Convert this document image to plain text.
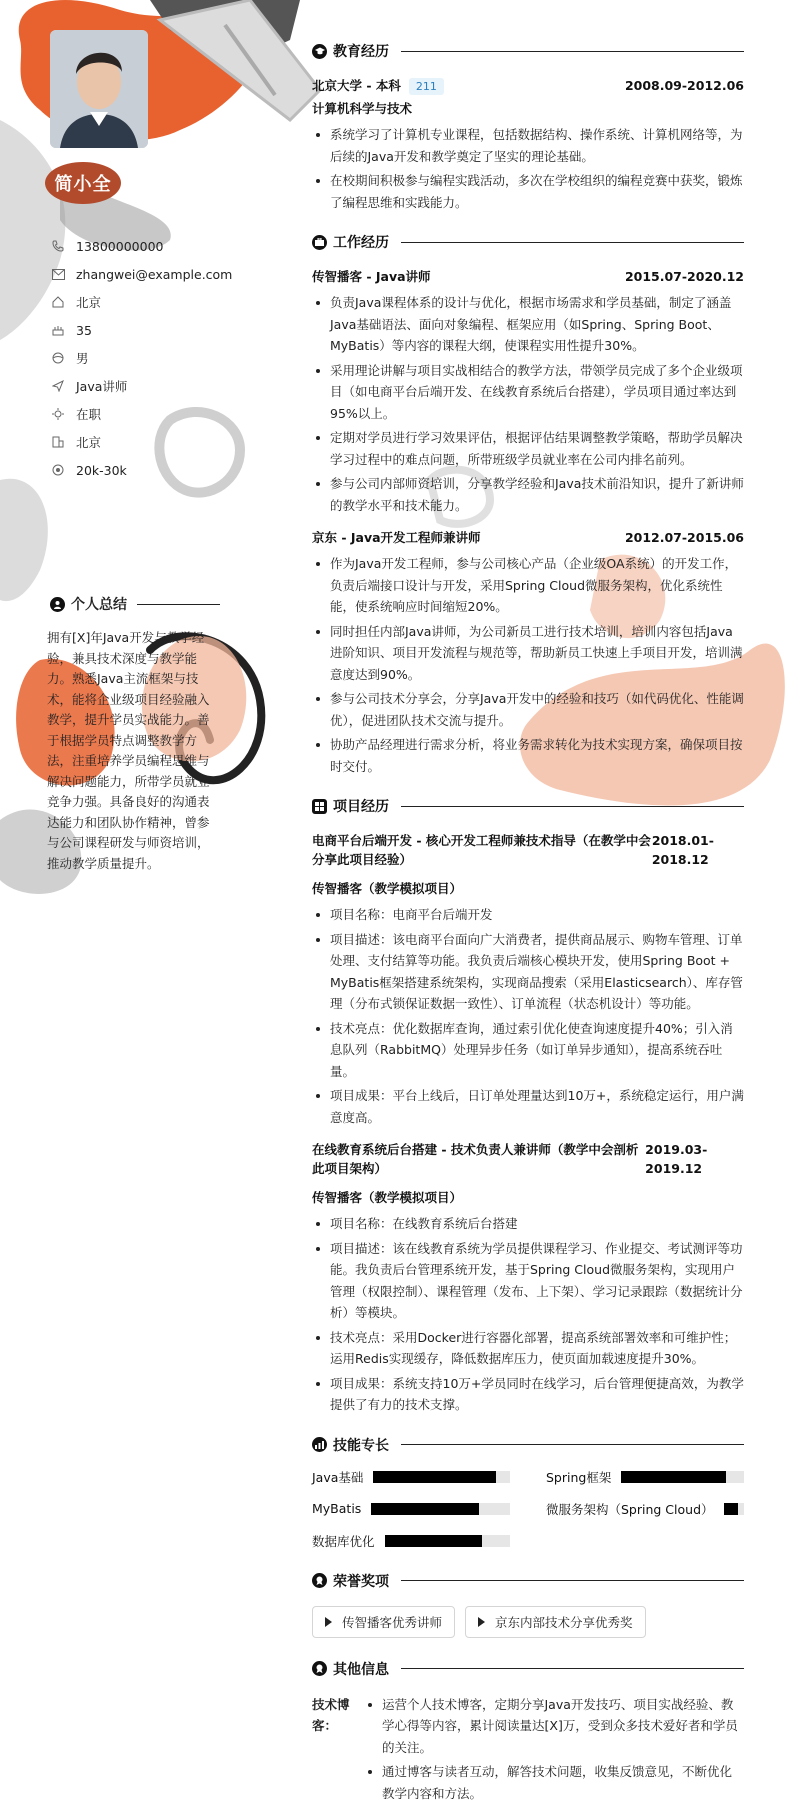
简小全
13800000000
zhangwei@example.com
北京
35
男
Java讲师
在职
北京
20k-30k
个人总结
拥有[X]年Java开发与教学经验，兼具技术深度与教学能力。熟悉Java主流框架与技术，能将企业级项目经验融入教学，提升学员实战能力。善于根据学员特点调整教学方法，注重培养学员编程思维与解决问题能力，所带学员就业竞争力强。具备良好的沟通表达能力和团队协作精神，曾参与公司课程研发与师资培训，推动教学质量提升。
教育经历
北京大学 - 本科 211	2008.09-2012.06
计算机科学与技术
系统学习了计算机专业课程，包括数据结构、操作系统、计算机网络等，为后续的Java开发和教学奠定了坚实的理论基础。
在校期间积极参与编程实践活动，多次在学校组织的编程竞赛中获奖，锻炼了编程思维和实践能力。
工作经历
传智播客 - Java讲师	2015.07-2020.12
负责Java课程体系的设计与优化，根据市场需求和学员基础，制定了涵盖Java基础语法、面向对象编程、框架应用（如Spring、Spring Boot、MyBatis）等内容的课程大纲，使课程实用性提升30%。
采用理论讲解与项目实战相结合的教学方法，带领学员完成了多个企业级项目（如电商平台后端开发、在线教育系统后台搭建），学员项目通过率达到95%以上。
定期对学员进行学习效果评估，根据评估结果调整教学策略，帮助学员解决学习过程中的难点问题，所带班级学员就业率在公司内排名前列。
参与公司内部师资培训，分享教学经验和Java技术前沿知识，提升了新讲师的教学水平和技术能力。
京东 - Java开发工程师兼讲师	2012.07-2015.06
作为Java开发工程师，参与公司核心产品（企业级OA系统）的开发工作，负责后端接口设计与开发，采用Spring Cloud微服务架构，优化系统性能，使系统响应时间缩短20%。
同时担任内部Java讲师，为公司新员工进行技术培训，培训内容包括Java进阶知识、项目开发流程与规范等，帮助新员工快速上手项目开发，培训满意度达到90%。
参与公司技术分享会，分享Java开发中的经验和技巧（如代码优化、性能调优），促进团队技术交流与提升。
协助产品经理进行需求分析，将业务需求转化为技术实现方案，确保项目按时交付。
项目经历
电商平台后端开发 - 核心开发工程师兼技术指导（在教学中会分享此项目经验）
2018.01-2018.12
传智播客（教学模拟项目）
项目名称：电商平台后端开发
项目描述：该电商平台面向广大消费者，提供商品展示、购物车管理、订单处理、支付结算等功能。我负责后端核心模块开发，使用Spring Boot + MyBatis框架搭建系统架构，实现商品搜索（采用Elasticsearch）、库存管理（分布式锁保证数据一致性）、订单流程（状态机设计）等功能。
技术亮点：优化数据库查询，通过索引优化使查询速度提升40%；引入消息队列（RabbitMQ）处理异步任务（如订单异步通知），提高系统吞吐量。
项目成果：平台上线后，日订单处理量达到10万+，系统稳定运行，用户满意度高。
在线教育系统后台搭建 - 技术负责人兼讲师（教学中会剖析此项目架构）
2019.03-2019.12
传智播客（教学模拟项目）
项目名称：在线教育系统后台搭建
项目描述：该在线教育系统为学员提供课程学习、作业提交、考试测评等功能。我负责后台管理系统开发，基于Spring Cloud微服务架构，实现用户管理（权限控制）、课程管理（发布、上下架）、学习记录跟踪（数据统计分析）等模块。
技术亮点：采用Docker进行容器化部署，提高系统部署效率和可维护性；运用Redis实现缓存，降低数据库压力，使页面加载速度提升30%。
项目成果：系统支持10万+学员同时在线学习，后台管理便捷高效，为教学提供了有力的技术支撑。
技能专长
Java基础	Spring框架
MyBatis	微服务架构（Spring Cloud）
数据库优化
荣誉奖项
传智播客优秀讲师	京东内部技术分享优秀奖
其他信息
技术博客：
运营个人技术博客，定期分享Java开发技巧、项目实战经验、教学心得等内容，累计阅读量达[X]万，受到众多技术爱好者和学员的关注。
通过博客与读者互动，解答技术问题，收集反馈意见，不断优化教学内容和方法。
